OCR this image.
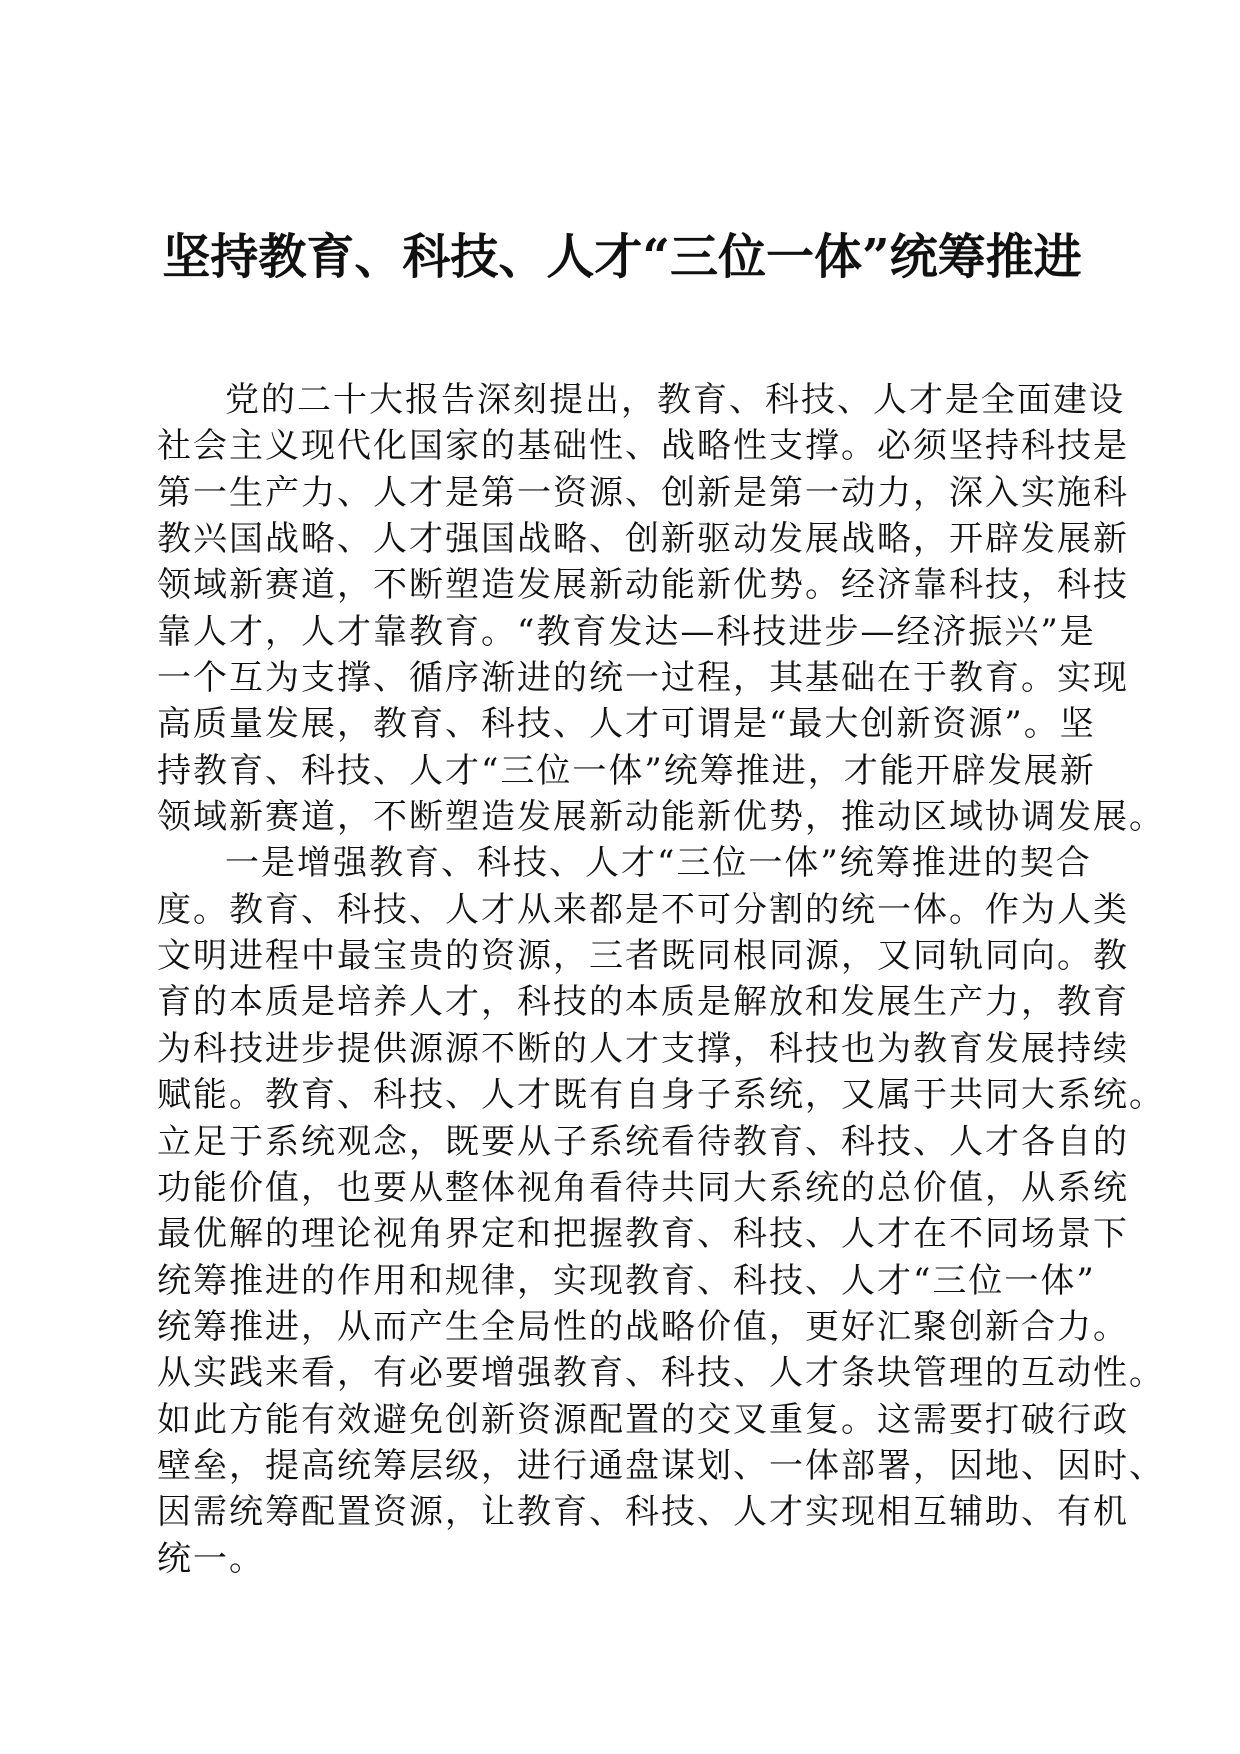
坚持教育、科技、人才“三位一体”统筹推进
党的二十大报告深刻提出，教育、科技、人才是全面建设
社会主义现代化国家的基础性、战略性支撑。必须坚持科技是
第一生产力、人才是第一资源、创新是第一动力，深入实施科
教兴国战略、人才强国战略、创新驱动发展战略，开辟发展新
领域新赛道，不断塑造发展新动能新优势。经济靠科技，科技
靠人才，人才靠教育。“教育发达—科技进步—经济振兴”是
一个互为支撑、循序渐进的统一过程，其基础在于教育。实现
高质量发展，教育、科技、人才可谓是“最大创新资源”。坚
持教育、科技、人才“三位一体”统筹推进，才能开辟发展新
领域新赛道，不断塑造发展新动能新优势，推动区域协调发展。
一是增强教育、科技、人才“三位一体”统筹推进的契合
度。教育、科技、人才从来都是不可分割的统一体。作为人类
文明进程中最宝贵的资源，三者既同根同源，又同轨同向。教
育的本质是培养人才，科技的本质是解放和发展生产力，教育
为科技进步提供源源不断的人才支撑，科技也为教育发展持续
赋能。教育、科技、人才既有自身子系统，又属于共同大系统。
立足于系统观念，既要从子系统看待教育、科技、人才各自的
功能价值，也要从整体视角看待共同大系统的总价值，从系统
最优解的理论视角界定和把握教育、科技、人才在不同场景下
统筹推进的作用和规律，实现教育、科技、人才“三位一体”
统筹推进，从而产生全局性的战略价值，更好汇聚创新合力。
从实践来看，有必要增强教育、科技、人才条块管理的互动性。
如此方能有效避免创新资源配置的交叉重复。这需要打破行政
壁垒，提高统筹层级，进行通盘谋划、一体部署，因地、因时、
因需统筹配置资源，让教育、科技、人才实现相互辅助、有机
统一。
